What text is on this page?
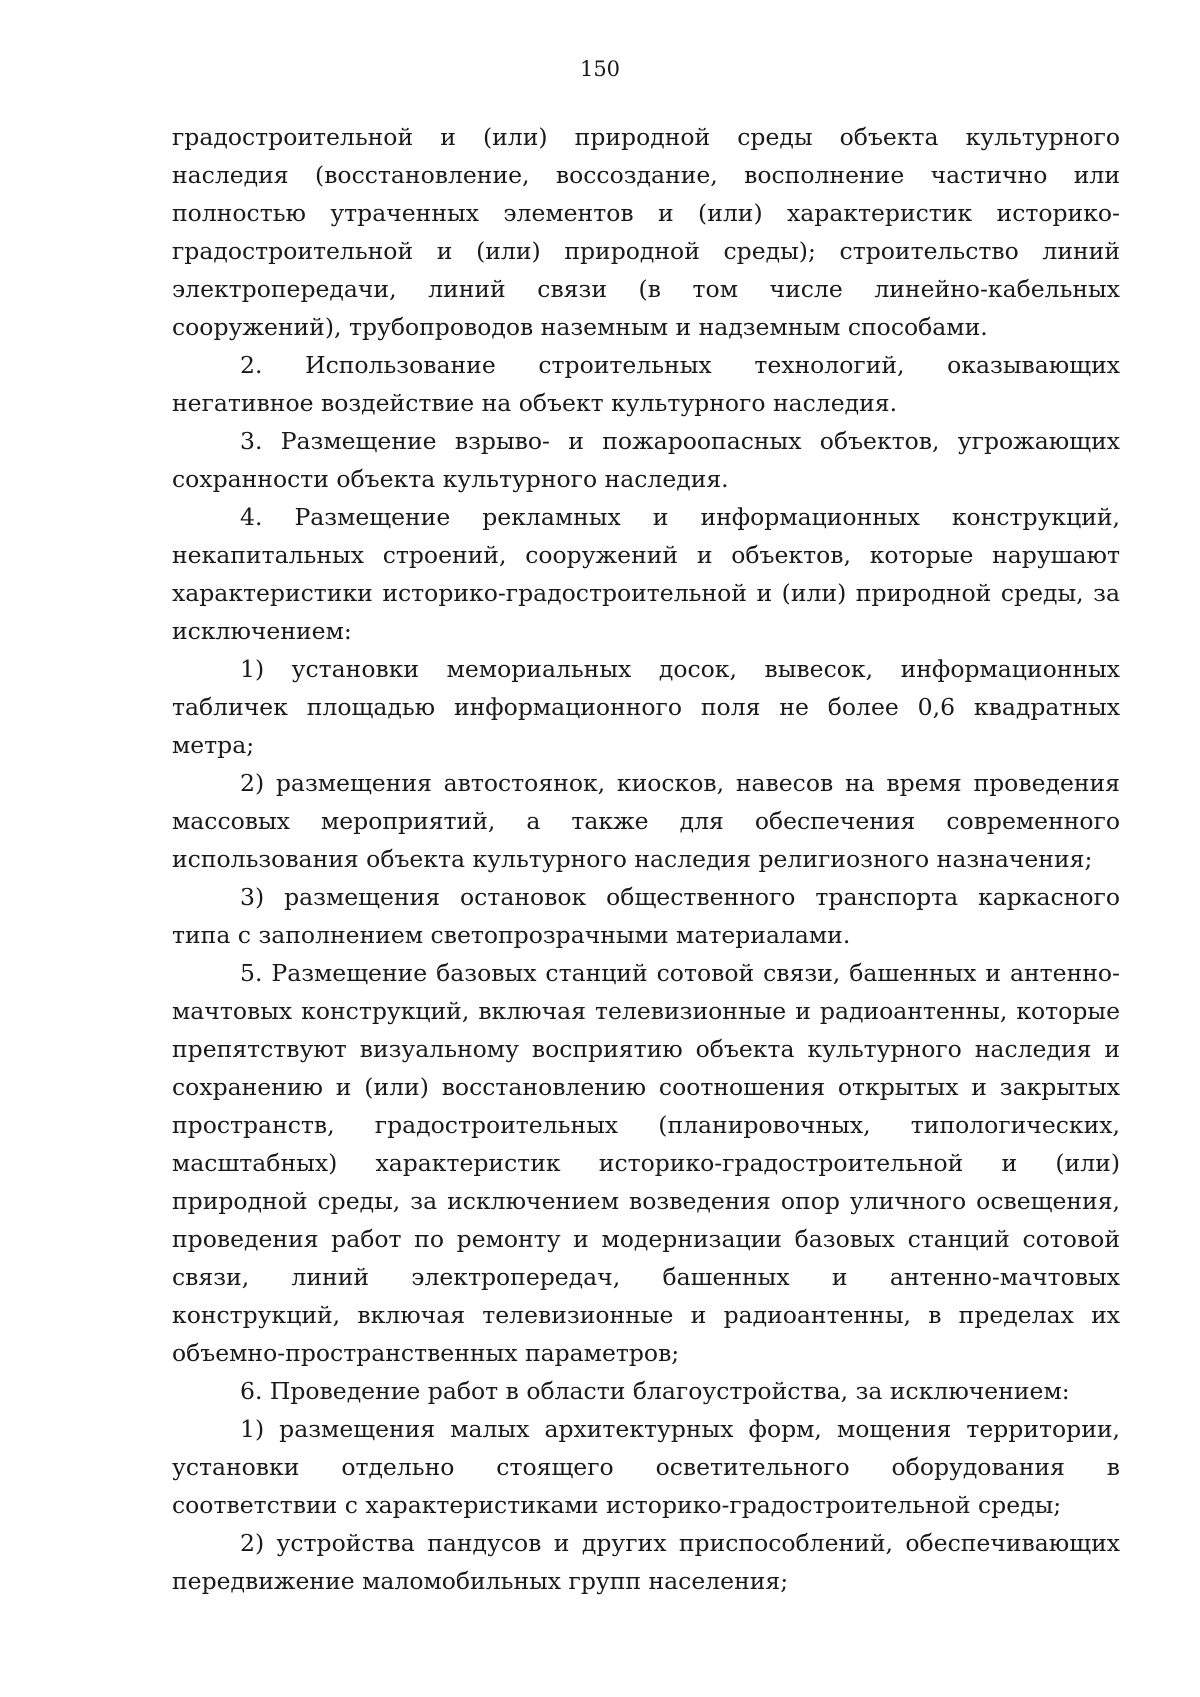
150

градостроительной и (или) природной среды объекта культурного наследия (восстановление, воссоздание, восполнение частично или полностью утраченных элементов и (или) характеристик историко-градостроительной и (или) природной среды); строительство линий электропередачи, линий связи (в том числе линейно-кабельных сооружений), трубопроводов наземным и надземным способами.

2. Использование строительных технологий, оказывающих негативное воздействие на объект культурного наследия.

3. Размещение взрыво- и пожароопасных объектов, угрожающих сохранности объекта культурного наследия.

4. Размещение рекламных и информационных конструкций, некапитальных строений, сооружений и объектов, которые нарушают характеристики историко-градостроительной и (или) природной среды, за исключением:

1) установки мемориальных досок, вывесок, информационных табличек площадью информационного поля не более 0,6 квадратных метра;

2) размещения автостоянок, киосков, навесов на время проведения массовых мероприятий, а также для обеспечения современного использования объекта культурного наследия религиозного назначения;

3) размещения остановок общественного транспорта каркасного типа с заполнением светопрозрачными материалами.

5. Размещение базовых станций сотовой связи, башенных и антенно-мачтовых конструкций, включая телевизионные и радиоантенны, которые препятствуют визуальному восприятию объекта культурного наследия и сохранению и (или) восстановлению соотношения открытых и закрытых пространств, градостроительных (планировочных, типологических, масштабных) характеристик историко-градостроительной и (или) природной среды, за исключением возведения опор уличного освещения, проведения работ по ремонту и модернизации базовых станций сотовой связи, линий электропередач, башенных и антенно-мачтовых конструкций, включая телевизионные и радиоантенны, в пределах их объемно-пространственных параметров;

6. Проведение работ в области благоустройства, за исключением:

1) размещения малых архитектурных форм, мощения территории, установки отдельно стоящего осветительного оборудования в соответствии с характеристиками историко-градостроительной среды;

2) устройства пандусов и других приспособлений, обеспечивающих передвижение маломобильных групп населения;
